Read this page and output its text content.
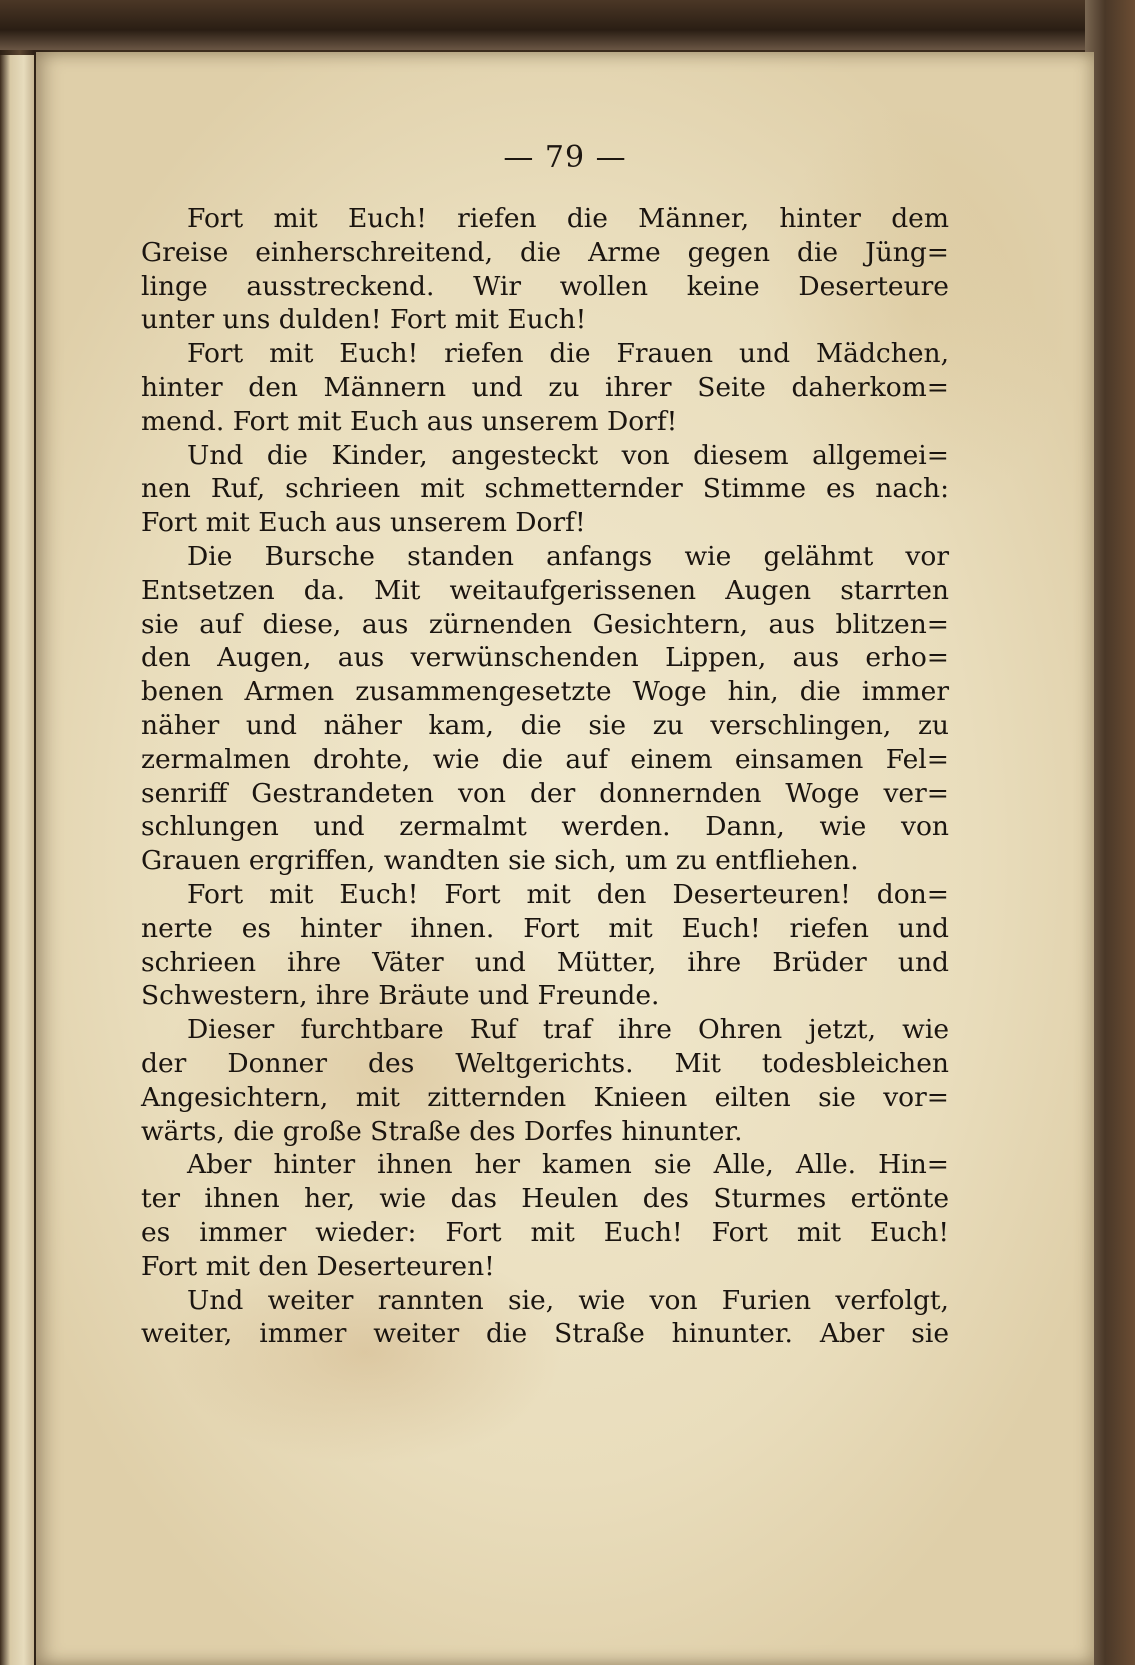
— 79 —
Fort mit Euch! riefen die Männer, hinter dem
Greise einherschreitend, die Arme gegen die Jüng=
linge ausstreckend. Wir wollen keine Deserteure
unter uns dulden! Fort mit Euch!
Fort mit Euch! riefen die Frauen und Mädchen,
hinter den Männern und zu ihrer Seite daherkom=
mend. Fort mit Euch aus unserem Dorf!
Und die Kinder, angesteckt von diesem allgemei=
nen Ruf, schrieen mit schmetternder Stimme es nach:
Fort mit Euch aus unserem Dorf!
Die Bursche standen anfangs wie gelähmt vor
Entsetzen da. Mit weitaufgerissenen Augen starrten
sie auf diese, aus zürnenden Gesichtern, aus blitzen=
den Augen, aus verwünschenden Lippen, aus erho=
benen Armen zusammengesetzte Woge hin, die immer
näher und näher kam, die sie zu verschlingen, zu
zermalmen drohte, wie die auf einem einsamen Fel=
senriff Gestrandeten von der donnernden Woge ver=
schlungen und zermalmt werden. Dann, wie von
Grauen ergriffen, wandten sie sich, um zu entfliehen.
Fort mit Euch! Fort mit den Deserteuren! don=
nerte es hinter ihnen. Fort mit Euch! riefen und
schrieen ihre Väter und Mütter, ihre Brüder und
Schwestern, ihre Bräute und Freunde.
Dieser furchtbare Ruf traf ihre Ohren jetzt, wie
der Donner des Weltgerichts. Mit todesbleichen
Angesichtern, mit zitternden Knieen eilten sie vor=
wärts, die große Straße des Dorfes hinunter.
Aber hinter ihnen her kamen sie Alle, Alle. Hin=
ter ihnen her, wie das Heulen des Sturmes ertönte
es immer wieder: Fort mit Euch! Fort mit Euch!
Fort mit den Deserteuren!
Und weiter rannten sie, wie von Furien verfolgt,
weiter, immer weiter die Straße hinunter. Aber sie
